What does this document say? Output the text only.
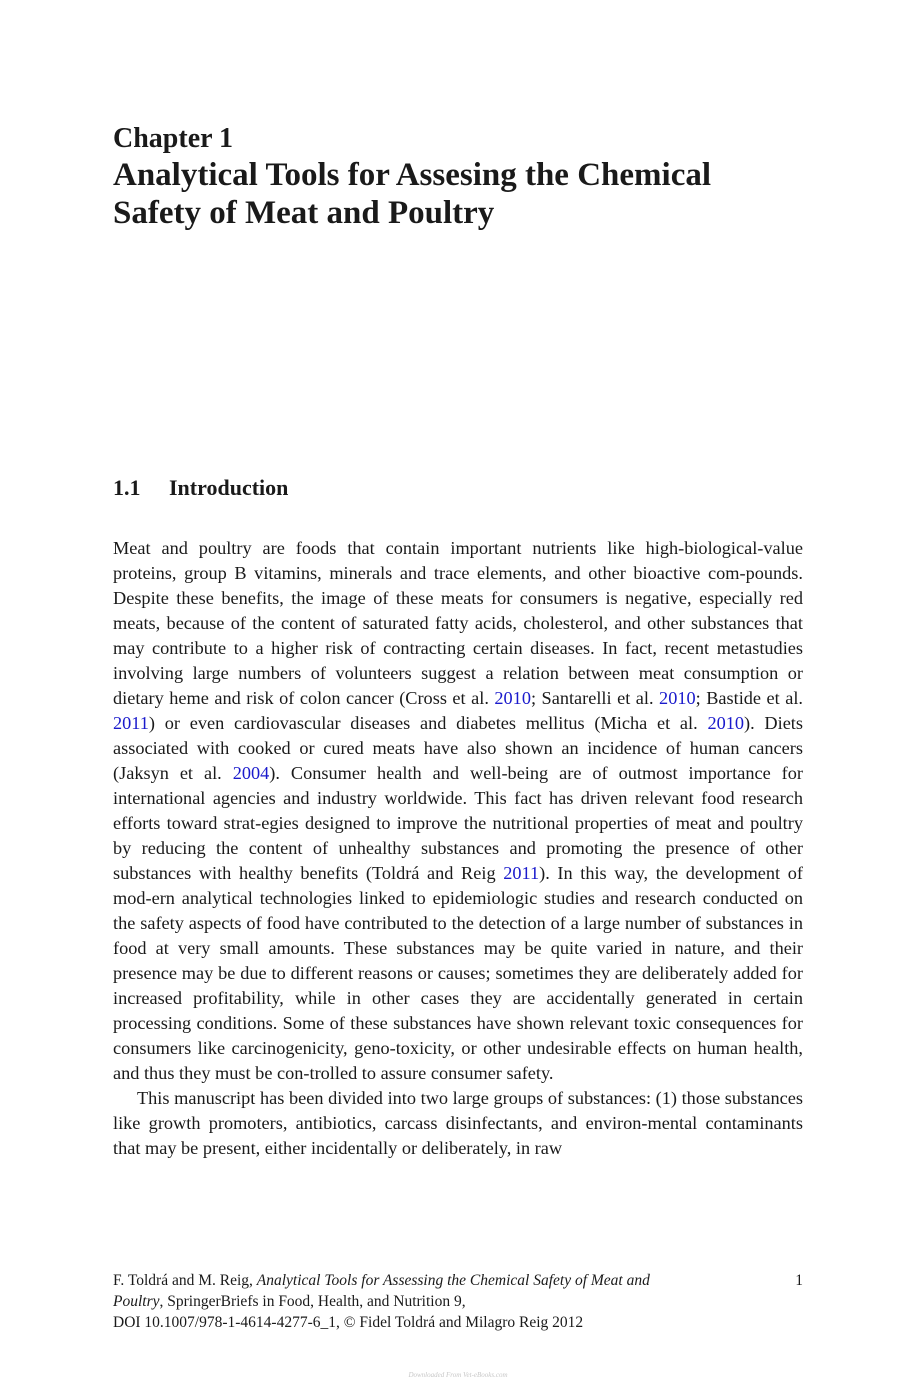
Chapter 1
Analytical Tools for Assesing the Chemical
Safety of Meat and Poultry
1.1 Introduction

Meat and poultry are foods that contain important nutrients like high-biological-value proteins, group B vitamins, minerals and trace elements, and other bioactive com-pounds. Despite these benefits, the image of these meats for consumers is negative, especially red meats, because of the content of saturated fatty acids, cholesterol, and other substances that may contribute to a higher risk of contracting certain diseases. In fact, recent metastudies involving large numbers of volunteers suggest a relation between meat consumption or dietary heme and risk of colon cancer (Cross et al. 2010; Santarelli et al. 2010; Bastide et al. 2011) or even cardiovascular diseases and diabetes mellitus (Micha et al. 2010). Diets associated with cooked or cured meats have also shown an incidence of human cancers (Jaksyn et al. 2004). Consumer health and well-being are of outmost importance for international agencies and industry worldwide. This fact has driven relevant food research efforts toward strat-egies designed to improve the nutritional properties of meat and poultry by reducing the content of unhealthy substances and promoting the presence of other substances with healthy benefits (Toldrá and Reig 2011). In this way, the development of mod-ern analytical technologies linked to epidemiologic studies and research conducted on the safety aspects of food have contributed to the detection of a large number of substances in food at very small amounts. These substances may be quite varied in nature, and their presence may be due to different reasons or causes; sometimes they are deliberately added for increased profitability, while in other cases they are accidentally generated in certain processing conditions. Some of these substances have shown relevant toxic consequences for consumers like carcinogenicity, geno-toxicity, or other undesirable effects on human health, and thus they must be con-trolled to assure consumer safety.

This manuscript has been divided into two large groups of substances: (1) those substances like growth promoters, antibiotics, carcass disinfectants, and environ-mental contaminants that may be present, either incidentally or deliberately, in raw

F. Toldrá and M. Reig, Analytical Tools for Assessing the Chemical Safety of Meat and Poultry, SpringerBriefs in Food, Health, and Nutrition 9,
DOI 10.1007/978-1-4614-4277-6_1, © Fidel Toldrá and Milagro Reig 2012
1
Downloaded From Vet-eBooks.com
